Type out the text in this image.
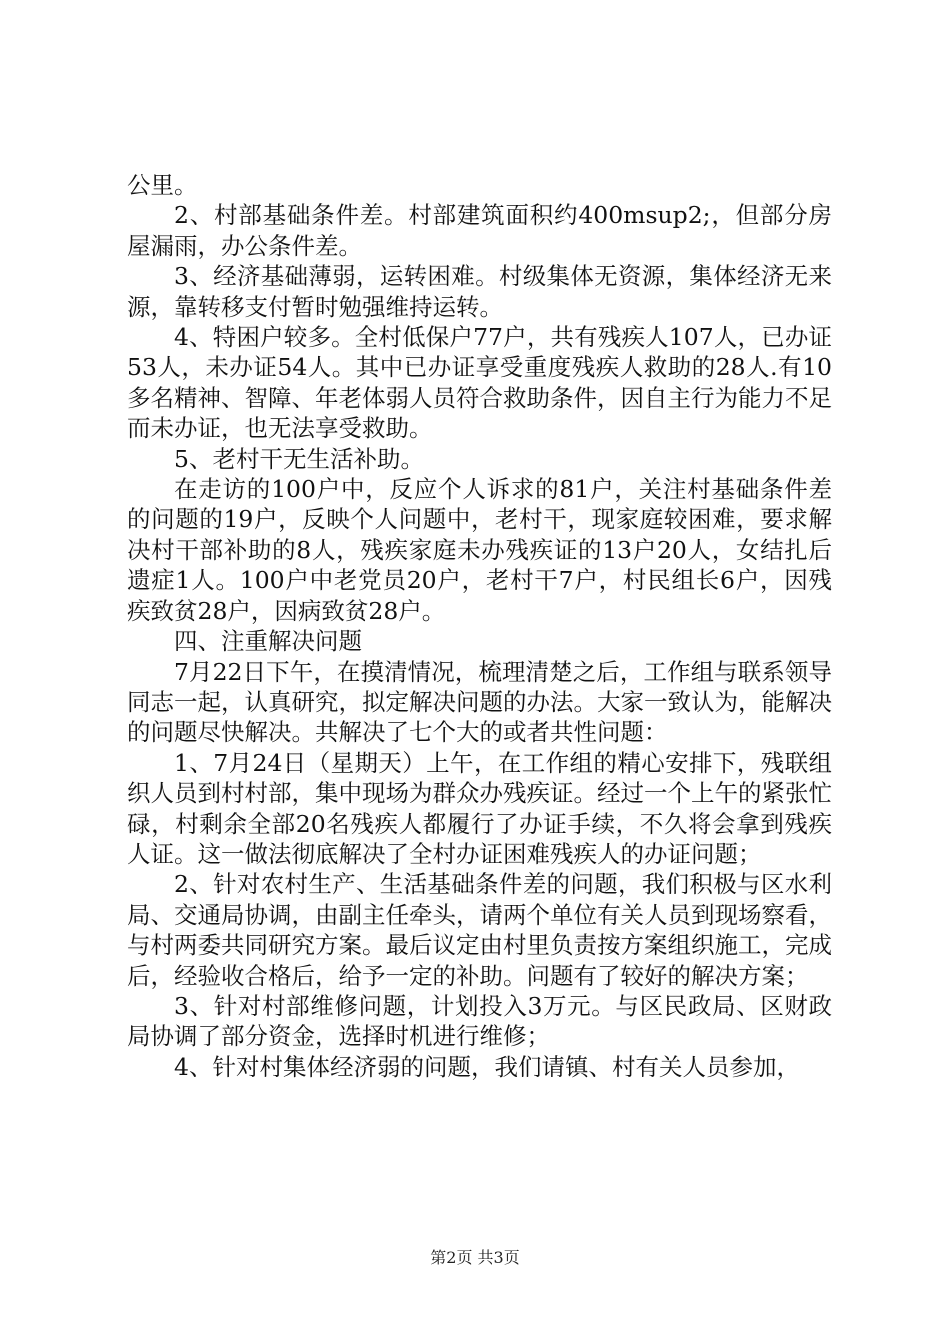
公里。

2、村部基础条件差。村部建筑面积约400msup2;，但部分房屋漏雨，办公条件差。

3、经济基础薄弱，运转困难。村级集体无资源，集体经济无来源，靠转移支付暂时勉强维持运转。

4、特困户较多。全村低保户77户，共有残疾人107人，已办证53人，未办证54人。其中已办证享受重度残疾人救助的28人.有10多名精神、智障、年老体弱人员符合救助条件，因自主行为能力不足而未办证，也无法享受救助。

5、老村干无生活补助。

在走访的100户中，反应个人诉求的81户，关注村基础条件差的问题的19户，反映个人问题中，老村干，现家庭较困难，要求解决村干部补助的8人，残疾家庭未办残疾证的13户20人，女结扎后遗症1人。100户中老党员20户，老村干7户，村民组长6户，因残疾致贫28户，因病致贫28户。

四、注重解决问题

7月22日下午，在摸清情况，梳理清楚之后，工作组与联系领导同志一起，认真研究，拟定解决问题的办法。大家一致认为，能解决的问题尽快解决。共解决了七个大的或者共性问题：

1、7月24日（星期天）上午，在工作组的精心安排下，残联组织人员到村村部，集中现场为群众办残疾证。经过一个上午的紧张忙碌，村剩余全部20名残疾人都履行了办证手续，不久将会拿到残疾人证。这一做法彻底解决了全村办证困难残疾人的办证问题；

2、针对农村生产、生活基础条件差的问题，我们积极与区水利局、交通局协调，由副主任牵头，请两个单位有关人员到现场察看，与村两委共同研究方案。最后议定由村里负责按方案组织施工，完成后，经验收合格后，给予一定的补助。问题有了较好的解决方案；

3、针对村部维修问题，计划投入3万元。与区民政局、区财政局协调了部分资金，选择时机进行维修；

4、针对村集体经济弱的问题，我们请镇、村有关人员参加，

第2页 共3页
